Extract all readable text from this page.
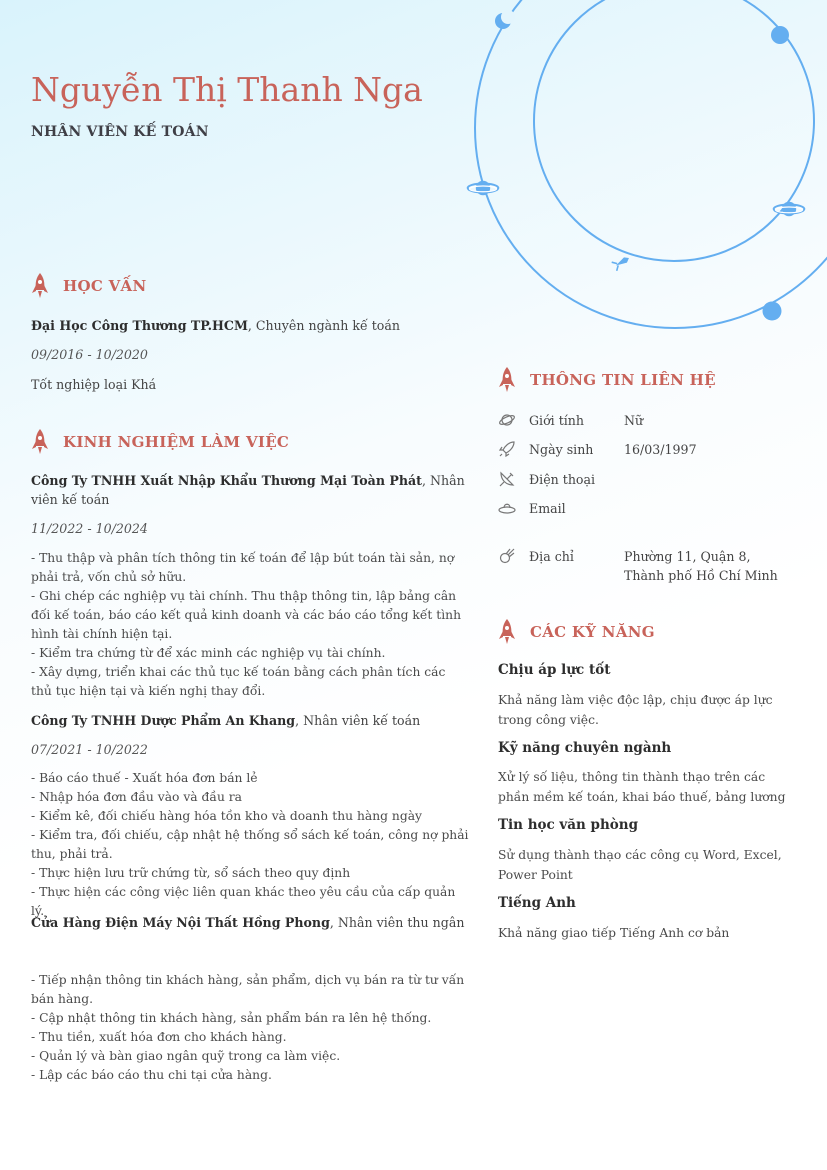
Nguyễn Thị Thanh Nga
NHÂN VIÊN KẾ TOÁN
HỌC VẤN
Đại Học Công Thương TP.HCM, Chuyên ngành kế toán
09/2016 - 10/2020
Tốt nghiệp loại Khá
KINH NGHIỆM LÀM VIỆC
Công Ty TNHH Xuất Nhập Khẩu Thương Mại Toàn Phát, Nhân viên kế toán
11/2022 - 10/2024
- Thu thập và phân tích thông tin kế toán để lập bút toán tài sản, nợ phải trả, vốn chủ sở hữu.
- Ghi chép các nghiệp vụ tài chính. Thu thập thông tin, lập bảng cân đối kế toán, báo cáo kết quả kinh doanh và các báo cáo tổng kết tình hình tài chính hiện tại.
- Kiểm tra chứng từ để xác minh các nghiệp vụ tài chính.
- Xây dựng, triển khai các thủ tục kế toán bằng cách phân tích các thủ tục hiện tại và kiến nghị thay đổi.
Công Ty TNHH Dược Phẩm An Khang, Nhân viên kế toán
07/2021 - 10/2022
- Báo cáo thuế - Xuất hóa đơn bán lẻ
- Nhập hóa đơn đầu vào và đầu ra
- Kiểm kê, đối chiếu hàng hóa tồn kho và doanh thu hàng ngày
- Kiểm tra, đối chiếu, cập nhật hệ thống sổ sách kế toán, công nợ phải thu, phải trả.
- Thực hiện lưu trữ chứng từ, sổ sách theo quy định
- Thực hiện các công việc liên quan khác theo yêu cầu của cấp quản lý.
Cửa Hàng Điện Máy Nội Thất Hồng Phong, Nhân viên thu ngân
- Tiếp nhận thông tin khách hàng, sản phẩm, dịch vụ bán ra từ tư vấn bán hàng.
- Cập nhật thông tin khách hàng, sản phẩm bán ra lên hệ thống.
- Thu tiền, xuất hóa đơn cho khách hàng.
- Quản lý và bàn giao ngân quỹ trong ca làm việc.
- Lập các báo cáo thu chi tại cửa hàng.
THÔNG TIN LIÊN HỆ
Giới tính	Nữ
Ngày sinh	16/03/1997
Điện thoại
Email
Địa chỉ	Phường 11, Quận 8,
Thành phố Hồ Chí Minh
CÁC KỸ NĂNG
Chịu áp lực tốt
Khả năng làm việc độc lập, chịu được áp lực trong công việc.
Kỹ năng chuyên ngành
Xử lý số liệu, thông tin thành thạo trên các phần mềm kế toán, khai báo thuế, bảng lương
Tin học văn phòng
Sử dụng thành thạo các công cụ Word, Excel, Power Point
Tiếng Anh
Khả năng giao tiếp Tiếng Anh cơ bản
